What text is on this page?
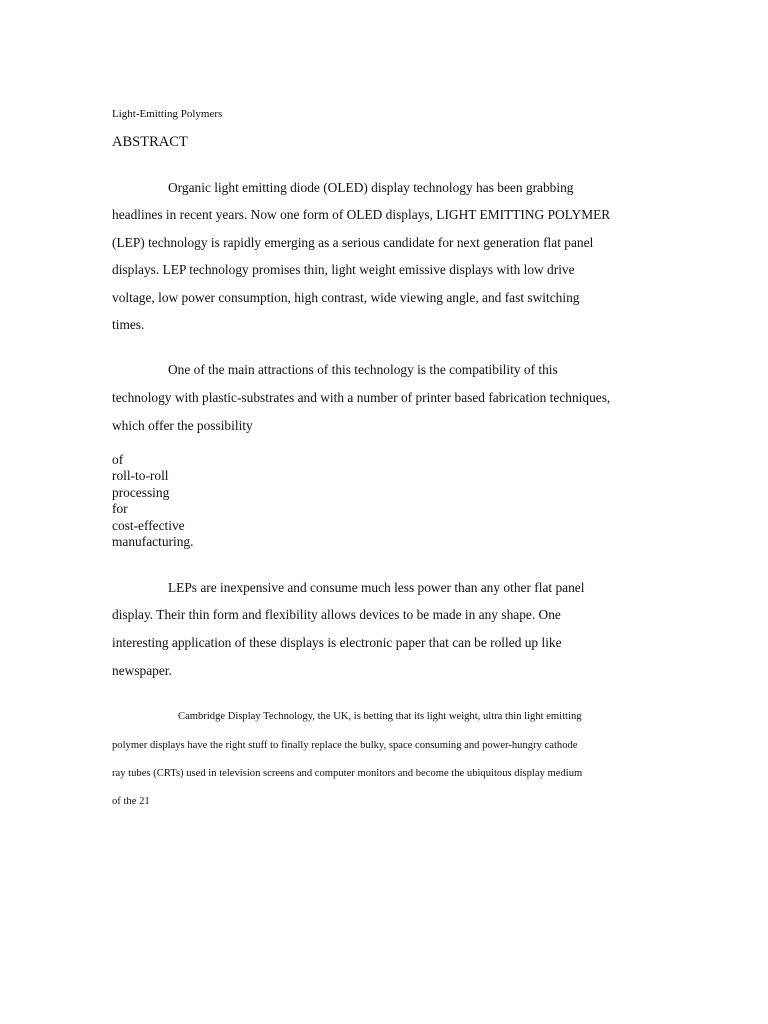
Light-Emitting Polymers
ABSTRACT
Organic light emitting diode (OLED) display technology has been grabbing
headlines in recent years. Now one form of OLED displays, LIGHT EMITTING POLYMER
(LEP) technology is rapidly emerging as a serious candidate for next generation flat panel
displays. LEP technology promises thin, light weight emissive displays with low drive
voltage, low power consumption, high contrast, wide viewing angle, and fast switching
times.
One of the main attractions of this technology is the compatibility of this
technology with plastic-substrates and with a number of printer based fabrication techniques,
which offer the possibility
of
roll-to-roll
processing
for
cost-effective
manufacturing.
LEPs are inexpensive and consume much less power than any other flat panel
display. Their thin form and flexibility allows devices to be made in any shape. One
interesting application of these displays is electronic paper that can be rolled up like
newspaper.
Cambridge Display Technology, the UK, is betting that its light weight, ultra thin light emitting
polymer displays have the right stuff to finally replace the bulky, space consuming and power-hungry cathode
ray tubes (CRTs) used in television screens and computer monitors and become the ubiquitous display medium
of the 21
